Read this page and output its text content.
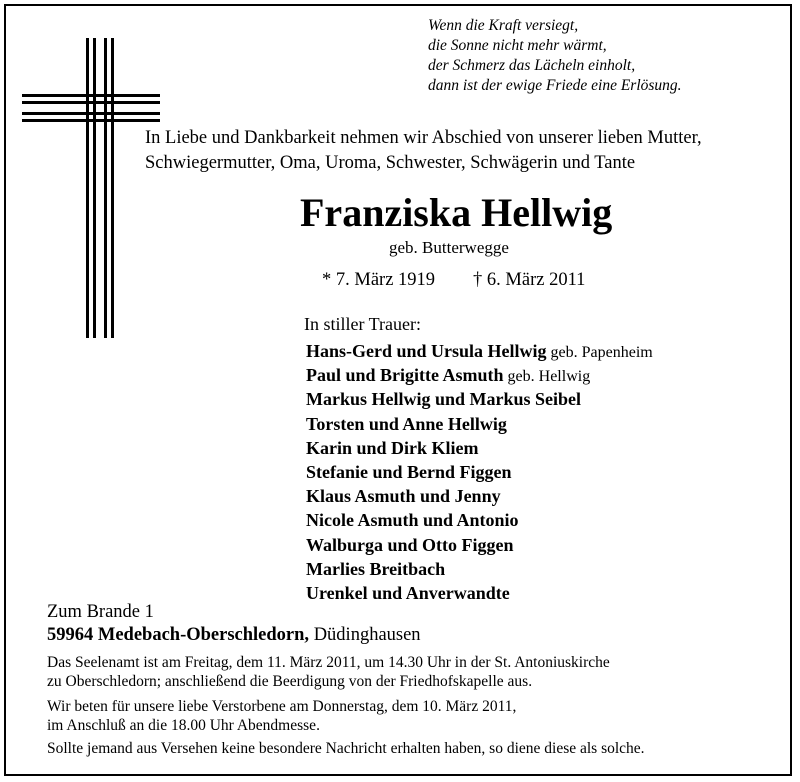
Wenn die Kraft versiegt,
die Sonne nicht mehr wärmt,
der Schmerz das Lächeln einholt,
dann ist der ewige Friede eine Erlösung.
In Liebe und Dankbarkeit nehmen wir Abschied von unserer lieben Mutter,
Schwiegermutter, Oma, Uroma, Schwester, Schwägerin und Tante
Franziska Hellwig
geb. Butterwegge
* 7. März 1919 † 6. März 2011
In stiller Trauer:
Hans-Gerd und Ursula Hellwig geb. Papenheim
Paul und Brigitte Asmuth geb. Hellwig
Markus Hellwig und Markus Seibel
Torsten und Anne Hellwig
Karin und Dirk Kliem
Stefanie und Bernd Figgen
Klaus Asmuth und Jenny
Nicole Asmuth und Antonio
Walburga und Otto Figgen
Marlies Breitbach
Urenkel und Anverwandte
Zum Brande 1
59964 Medebach-Oberschledorn, Düdinghausen
Das Seelenamt ist am Freitag, dem 11. März 2011, um 14.30 Uhr in der St. Antoniuskirche
zu Oberschledorn; anschließend die Beerdigung von der Friedhofskapelle aus.
Wir beten für unsere liebe Verstorbene am Donnerstag, dem 10. März 2011,
im Anschluß an die 18.00 Uhr Abendmesse.
Sollte jemand aus Versehen keine besondere Nachricht erhalten haben, so diene diese als solche.
